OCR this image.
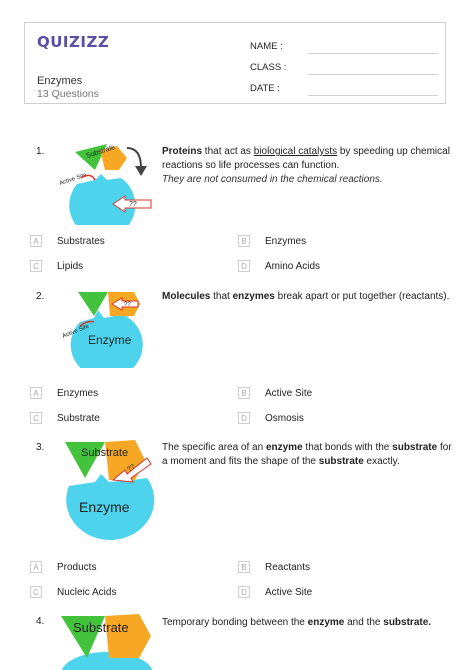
QUIZIZZ
Enzymes
13 Questions
NAME :
CLASS :
DATE :
1.	Substrate
Active Site
??
Proteins that act as biological catalysts by speeding up chemical reactions so life processes can function.
They are not consumed in the chemical reactions.
A	Substrates	B	Enzymes
C	Lipids	D	Amino Acids
2.
??
Active Site
Enzyme
Molecules that enzymes break apart or put together (reactants).
A	Enzymes	B	Active Site
C	Substrate	D	Osmosis
3.	Substrate
??
Enzyme
The specific area of an enzyme that bonds with the substrate for a moment and fits the shape of the substrate exactly.
A	Products	B	Reactants
C	Nucleic Acids	D	Active Site
4. Substrate	Temporary bonding between the enzyme and the substrate.
